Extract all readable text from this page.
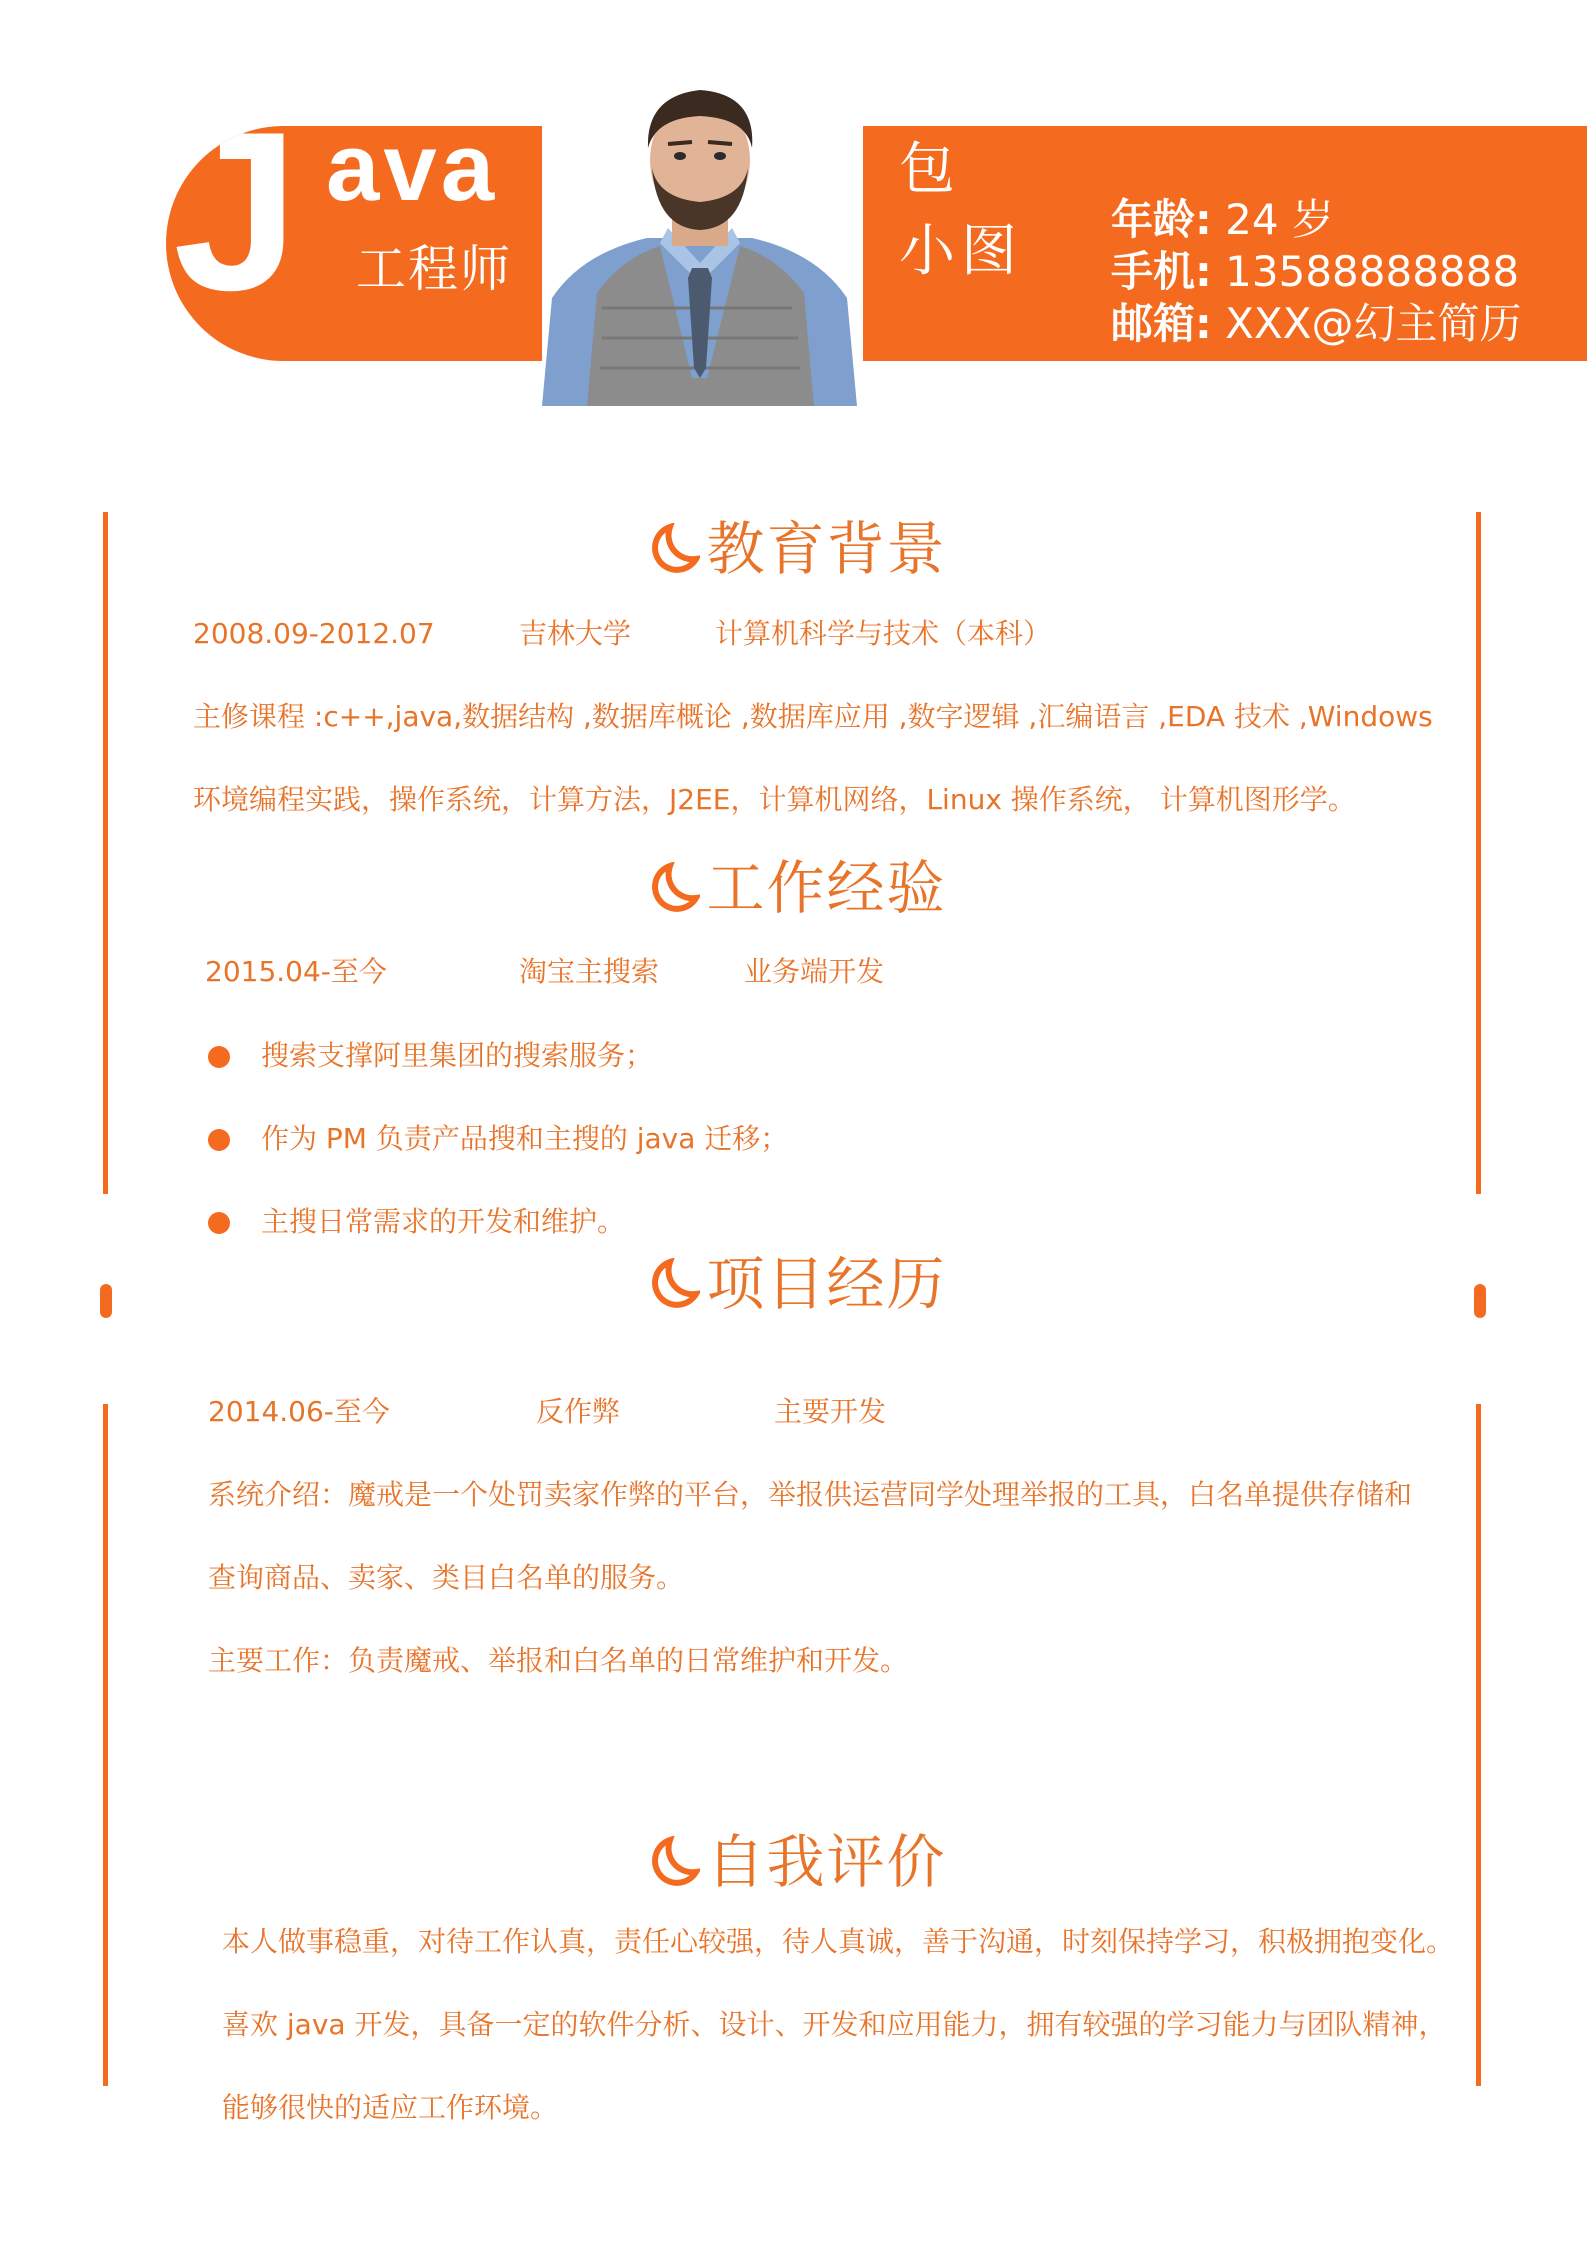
J ava
工程师
包
小图 年龄: 24 岁
手机: 13588888888
邮箱: XXX@幻主简历
教育背景
2008.09-2012.07	吉林大学	计算机科学与技术（本科）
主修课程 :c++,java,数据结构 ,数据库概论 ,数据库应用 ,数字逻辑 ,汇编语言 ,EDA 技术 ,Windows
环境编程实践，操作系统，计算方法，J2EE，计算机网络，Linux 操作系统， 计算机图形学。
工作经验
2015.04-至今	淘宝主搜索	业务端开发
搜索支撑阿里集团的搜索服务；
作为 PM 负责产品搜和主搜的 java 迁移；
主搜日常需求的开发和维护。
项目经历
2014.06-至今	反作弊	主要开发
系统介绍：魔戒是一个处罚卖家作弊的平台，举报供运营同学处理举报的工具，白名单提供存储和
查询商品、卖家、类目白名单的服务。
主要工作：负责魔戒、举报和白名单的日常维护和开发。
自我评价
本人做事稳重，对待工作认真，责任心较强，待人真诚，善于沟通，时刻保持学习，积极拥抱变化。
喜欢 java 开发，具备一定的软件分析、设计、开发和应用能力，拥有较强的学习能力与团队精神，
能够很快的适应工作环境。
